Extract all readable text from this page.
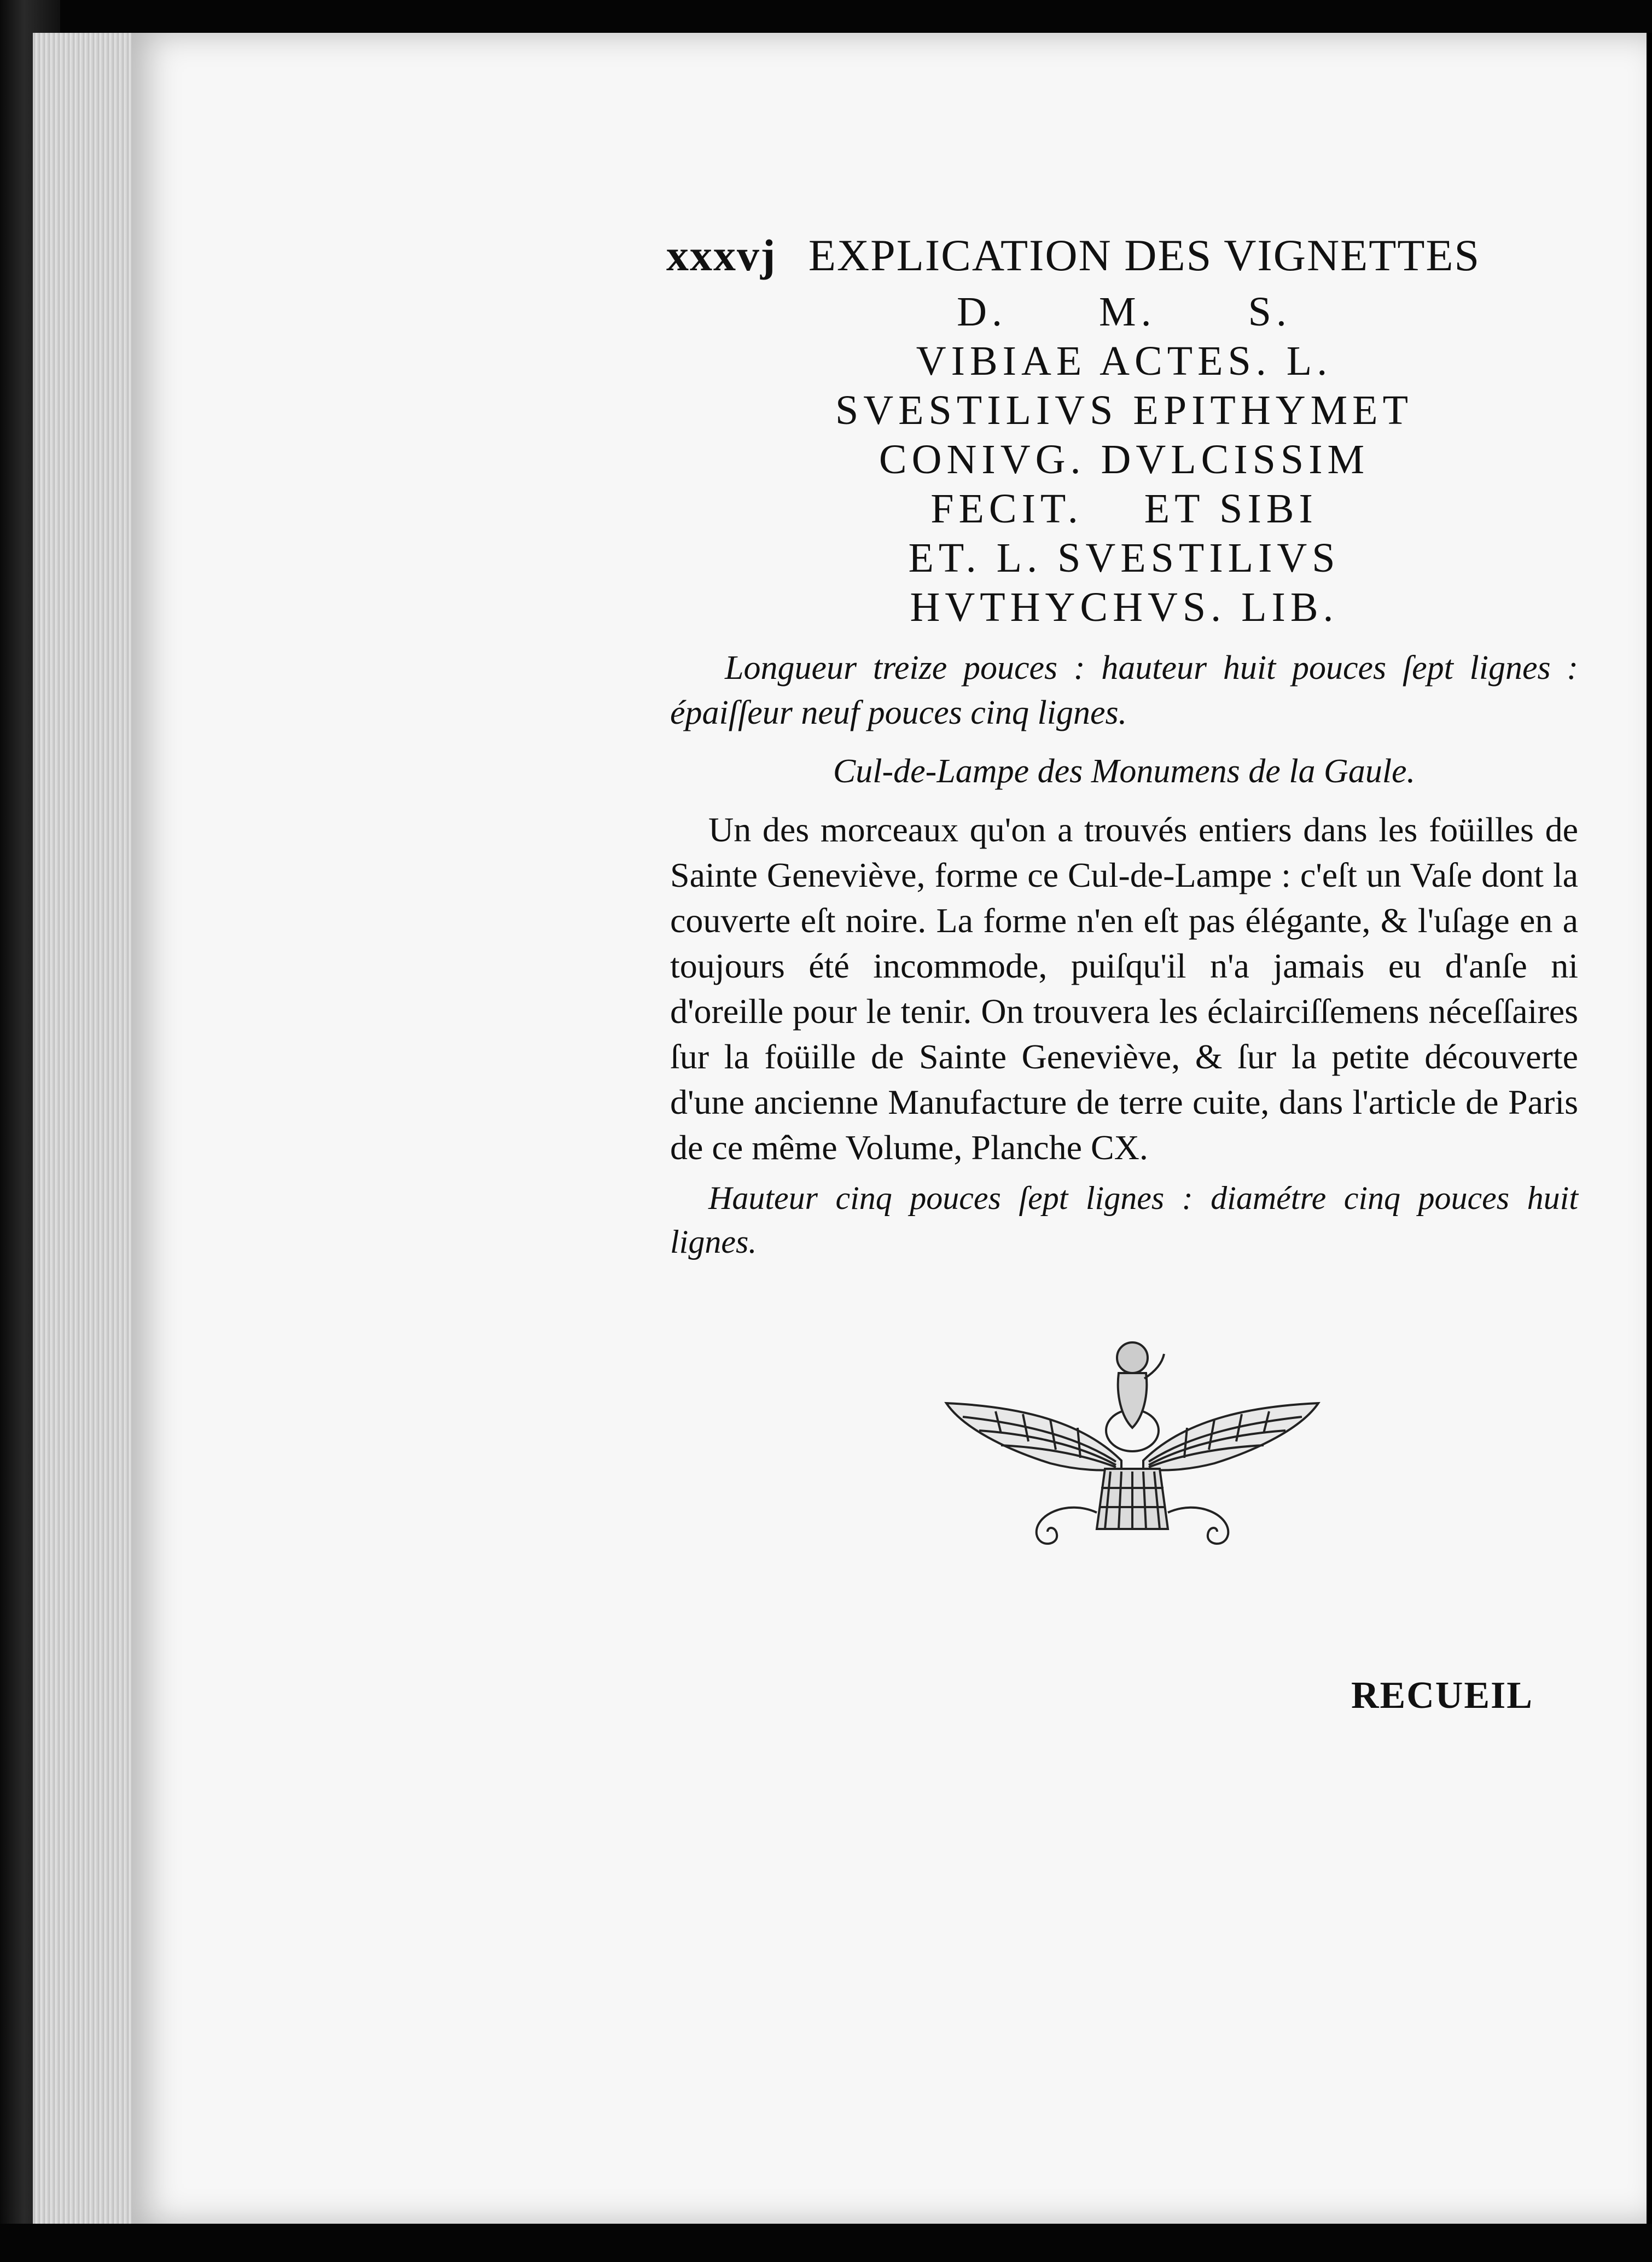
xxxvj EXPLICATION DES VIGNETTES
D.      M.      S.
VIBIAE ACTES. L.
SVESTILIVS EPITHYMET
CONIVG. DVLCISSIM
FECIT.    ET SIBI
ET. L. SVESTILIVS
HVTHYCHVS. LIB.
Longueur treize pouces : hauteur huit pouces ſept lignes : épaiſſeur neuf pouces cinq lignes.
Cul-de-Lampe des Monumens de la Gaule.
Un des morceaux qu'on a trouvés entiers dans les foüilles de Sainte Geneviève, forme ce Cul-de-Lampe : c'eſt un Vaſe dont la couverte eſt noire. La forme n'en eſt pas élégante, & l'uſage en a toujours été incommode, puiſqu'il n'a jamais eu d'anſe ni d'oreille pour le tenir. On trouvera les éclairciſſemens néceſſaires ſur la foüille de Sainte Geneviève, & ſur la petite découverte d'une ancienne Manufacture de terre cuite, dans l'article de Paris de ce même Volume, Planche CX.
Hauteur cinq pouces ſept lignes : diamétre cinq pouces huit lignes.
RECUEIL
